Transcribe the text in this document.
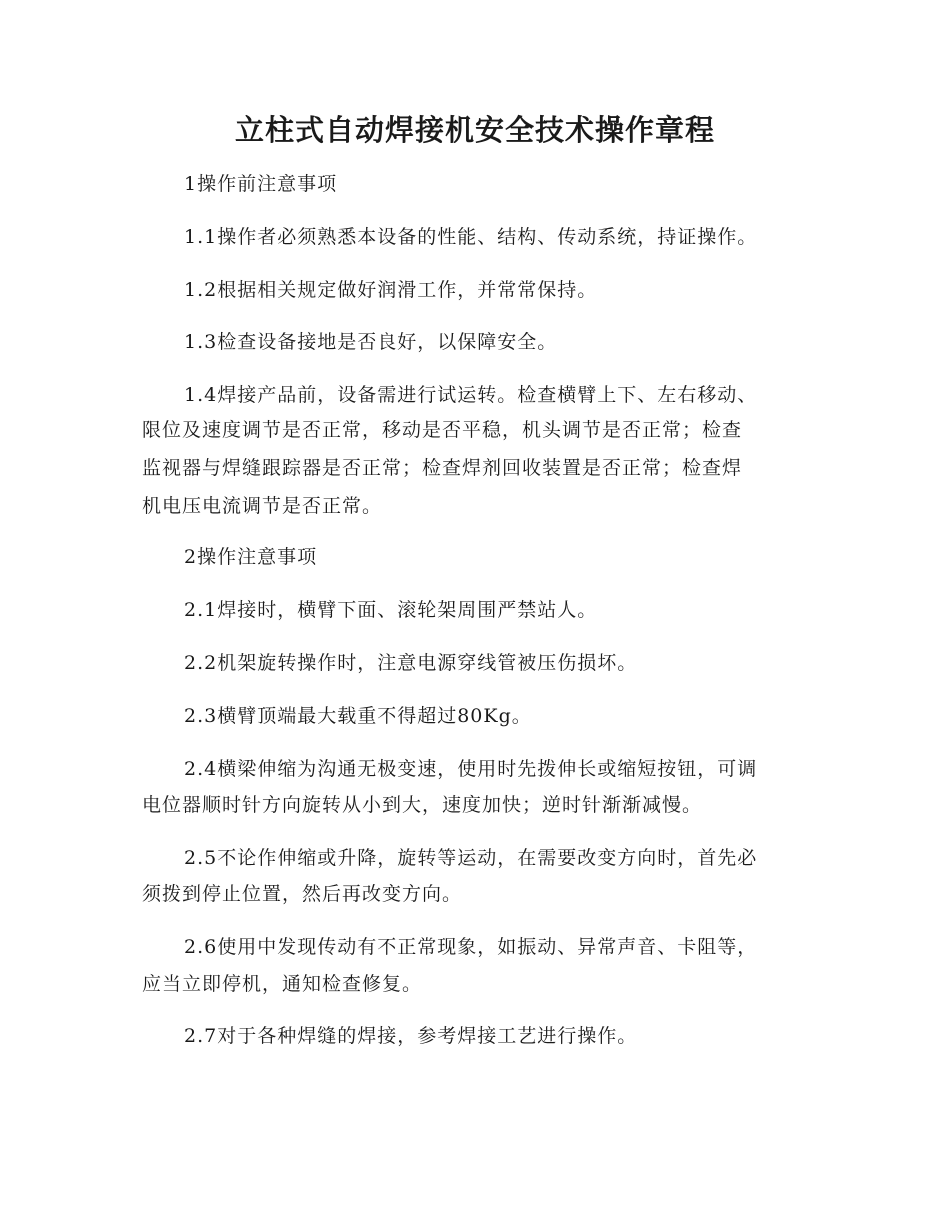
立柱式自动焊接机安全技术操作章程

1操作前注意事项

1.1操作者必须熟悉本设备的性能、结构、传动系统，持证操作。

1.2根据相关规定做好润滑工作，并常常保持。

1.3检查设备接地是否良好，以保障安全。

1.4焊接产品前，设备需进行试运转。检查横臂上下、左右移动、

限位及速度调节是否正常，移动是否平稳，机头调节是否正常；检查

监视器与焊缝跟踪器是否正常；检查焊剂回收装置是否正常；检查焊

机电压电流调节是否正常。

2操作注意事项

2.1焊接时，横臂下面、滚轮架周围严禁站人。

2.2机架旋转操作时，注意电源穿线管被压伤损坏。

2.3横臂顶端最大载重不得超过80Kg。

2.4横梁伸缩为沟通无极变速，使用时先拨伸长或缩短按钮，可调

电位器顺时针方向旋转从小到大，速度加快；逆时针渐渐减慢。

2.5不论作伸缩或升降，旋转等运动，在需要改变方向时，首先必

须拨到停止位置，然后再改变方向。

2.6使用中发现传动有不正常现象，如振动、异常声音、卡阻等，

应当立即停机，通知检查修复。

2.7对于各种焊缝的焊接，参考焊接工艺进行操作。
